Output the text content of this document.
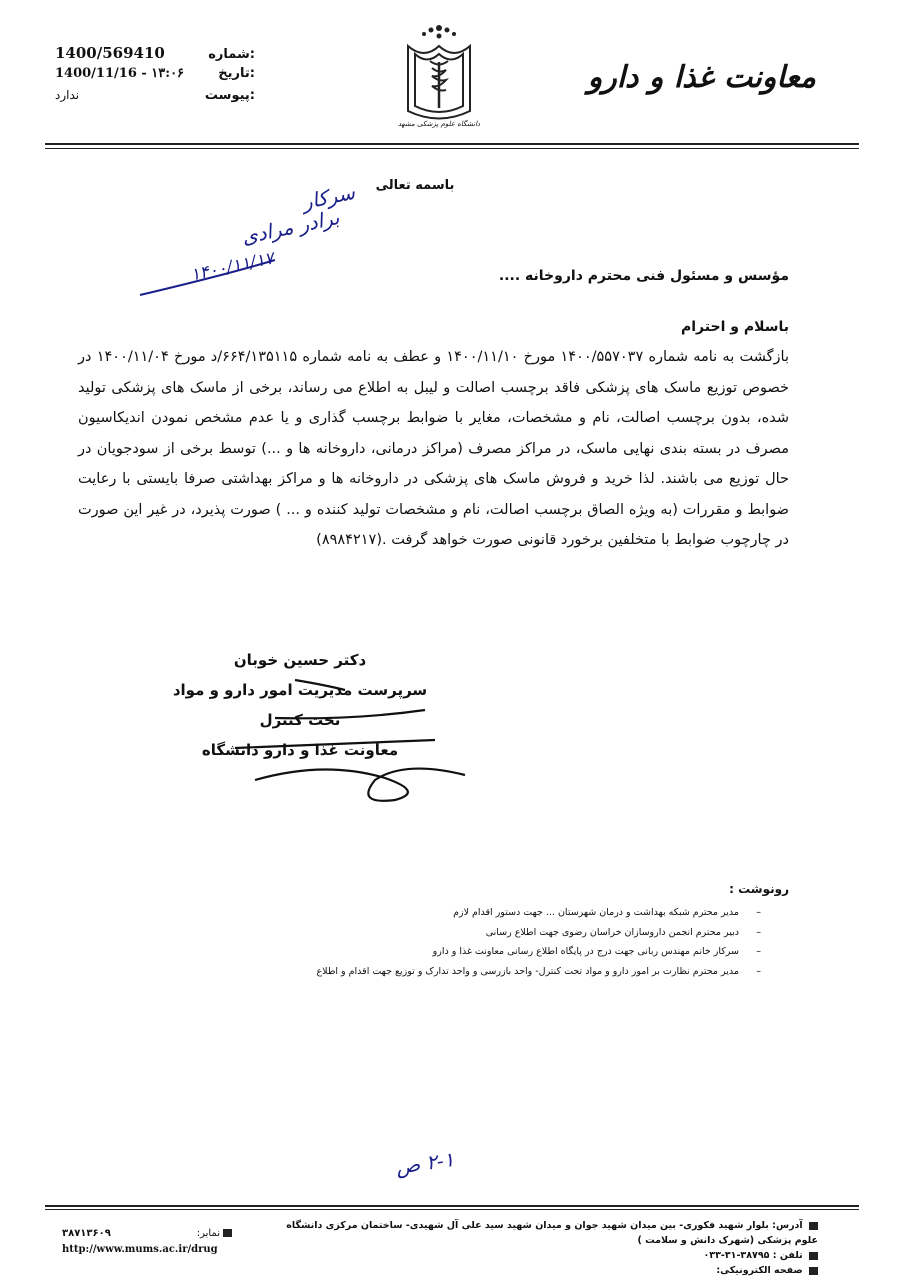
1400/569410	:شماره
1400/11/16 - ۱۳:۰۶	:تاریخ
ندارد	:پیوست
دانشگاه علوم پزشکی مشهد
معاونت غذا و دارو
باسمه تعالی
سرکار
برادر مرادی
۱۴۰۰/۱۱/۱۷	مؤسس و مسئول فنی محترم داروخانه ....
باسلام و احترام
بازگشت به نامه شماره ۱۴۰۰/۵۵۷۰۳۷ مورخ ۱۴۰۰/۱۱/۱۰ و عطف به نامه شماره ۶۶۴/۱۳۵۱۱۵/د مورخ ۱۴۰۰/۱۱/۰۴ در خصوص توزیع ماسک های پزشکی فاقد برچسب اصالت و لیبل به اطلاع می رساند، برخی از ماسک های پزشکی تولید شده، بدون برچسب اصالت، نام و مشخصات، مغایر با ضوابط برچسب گذاری و یا عدم مشخص نمودن اندیکاسیون مصرف در بسته بندی نهایی ماسک، در مراکز مصرف (مراکز درمانی، داروخانه ها و ...) توسط برخی از سودجویان در حال توزیع می باشند. لذا خرید و فروش ماسک های پزشکی در داروخانه ها و مراکز بهداشتی صرفا بایستی با رعایت ضوابط و مقررات (به ویژه الصاق برچسب اصالت، نام و مشخصات تولید کننده و ... ) صورت پذیرد، در غیر این صورت در چارچوب ضوابط با متخلفین برخورد قانونی صورت خواهد گرفت .(۸۹۸۴۲۱۷)
دکتر حسین خوبان
سرپرست مدیریت امور دارو و مواد تحت کنترل
معاونت غذا و دارو دانشگاه
رونوشت :
مدیر محترم شبکه بهداشت و درمان شهرستان ... جهت دستور اقدام لازم –
دبیر محترم انجمن داروسازان خراسان رضوی جهت اطلاع رسانی –
سرکار خانم مهندس ربانی جهت درج در پایگاه اطلاع رسانی معاونت غذا و دارو –
مدیر محترم نظارت بر امور دارو و مواد تحت کنترل- واحد بازرسی و واحد تدارک و توزیع جهت اقدام و اطلاع –
۲-۱ ص
آدرس: بلوار شهید فکوری- بین میدان شهید جوان و میدان شهید سید علی آل شهیدی- ساختمان مرکزی دانشگاه علوم پزشکی (شهرک دانش و سلامت )
تلفن : ۳۸۷۹۵-۳۱-۰۳۳
صفحه الکترونیکی:
نمابر:
۳۸۷۱۳۶۰۹
http://www.mums.ac.ir/drug
